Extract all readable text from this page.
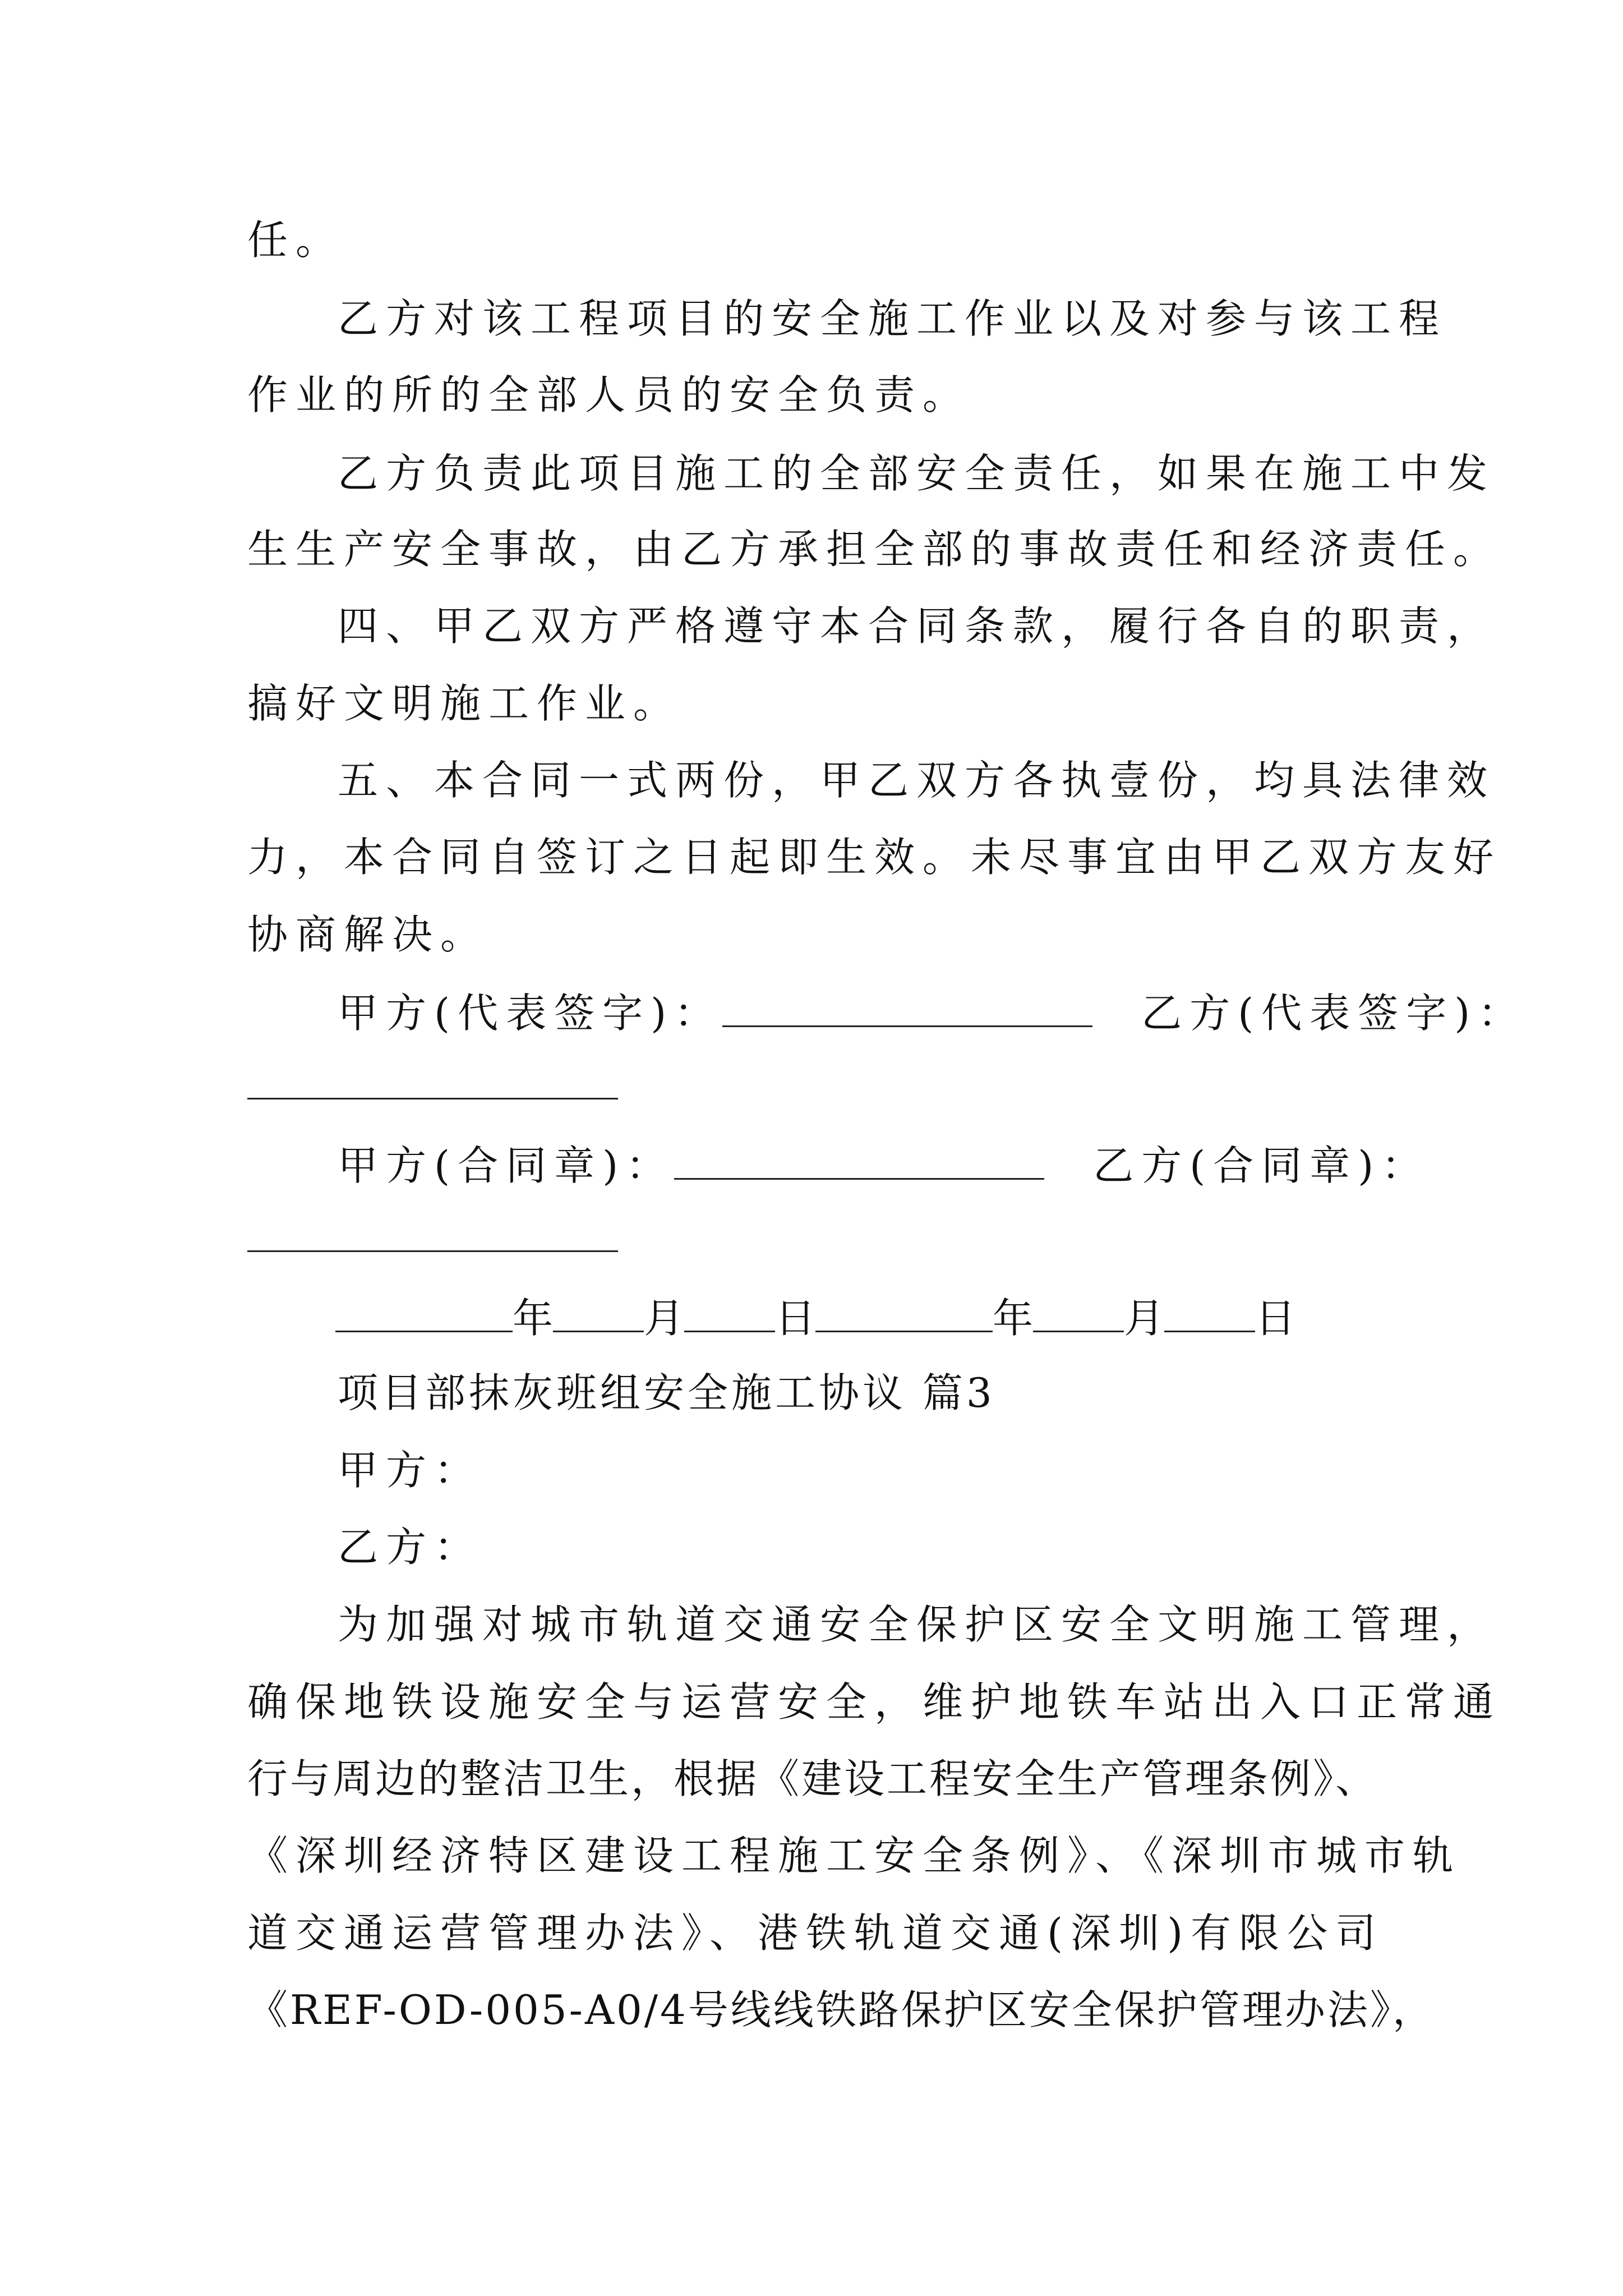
任。
乙方对该工程项目的安全施工作业以及对参与该工程
作业的所的全部人员的安全负责。
乙方负责此项目施工的全部安全责任，如果在施工中发
生生产安全事故，由乙方承担全部的事故责任和经济责任。
四、甲乙双方严格遵守本合同条款，履行各自的职责，
搞好文明施工作业。
五、本合同一式两份，甲乙双方各执壹份，均具法律效
力，本合同自签订之日起即生效。未尽事宜由甲乙双方友好
协商解决。
甲方(代表签字)：	乙方(代表签字)：
甲方(合同章)：	乙方(合同章)：
年 月 日	年 月 日
项目部抹灰班组安全施工协议 篇3
甲方：
乙方：
为加强对城市轨道交通安全保护区安全文明施工管理，
确保地铁设施安全与运营安全，维护地铁车站出入口正常通
行与周边的整洁卫生，根据《建设工程安全生产管理条例》、
《深圳经济特区建设工程施工安全条例》、《深圳市城市轨
道交通运营管理办法》、港铁轨道交通(深圳)有限公司
《REF-OD-005-A0/4号线线铁路保护区安全保护管理办法》，
